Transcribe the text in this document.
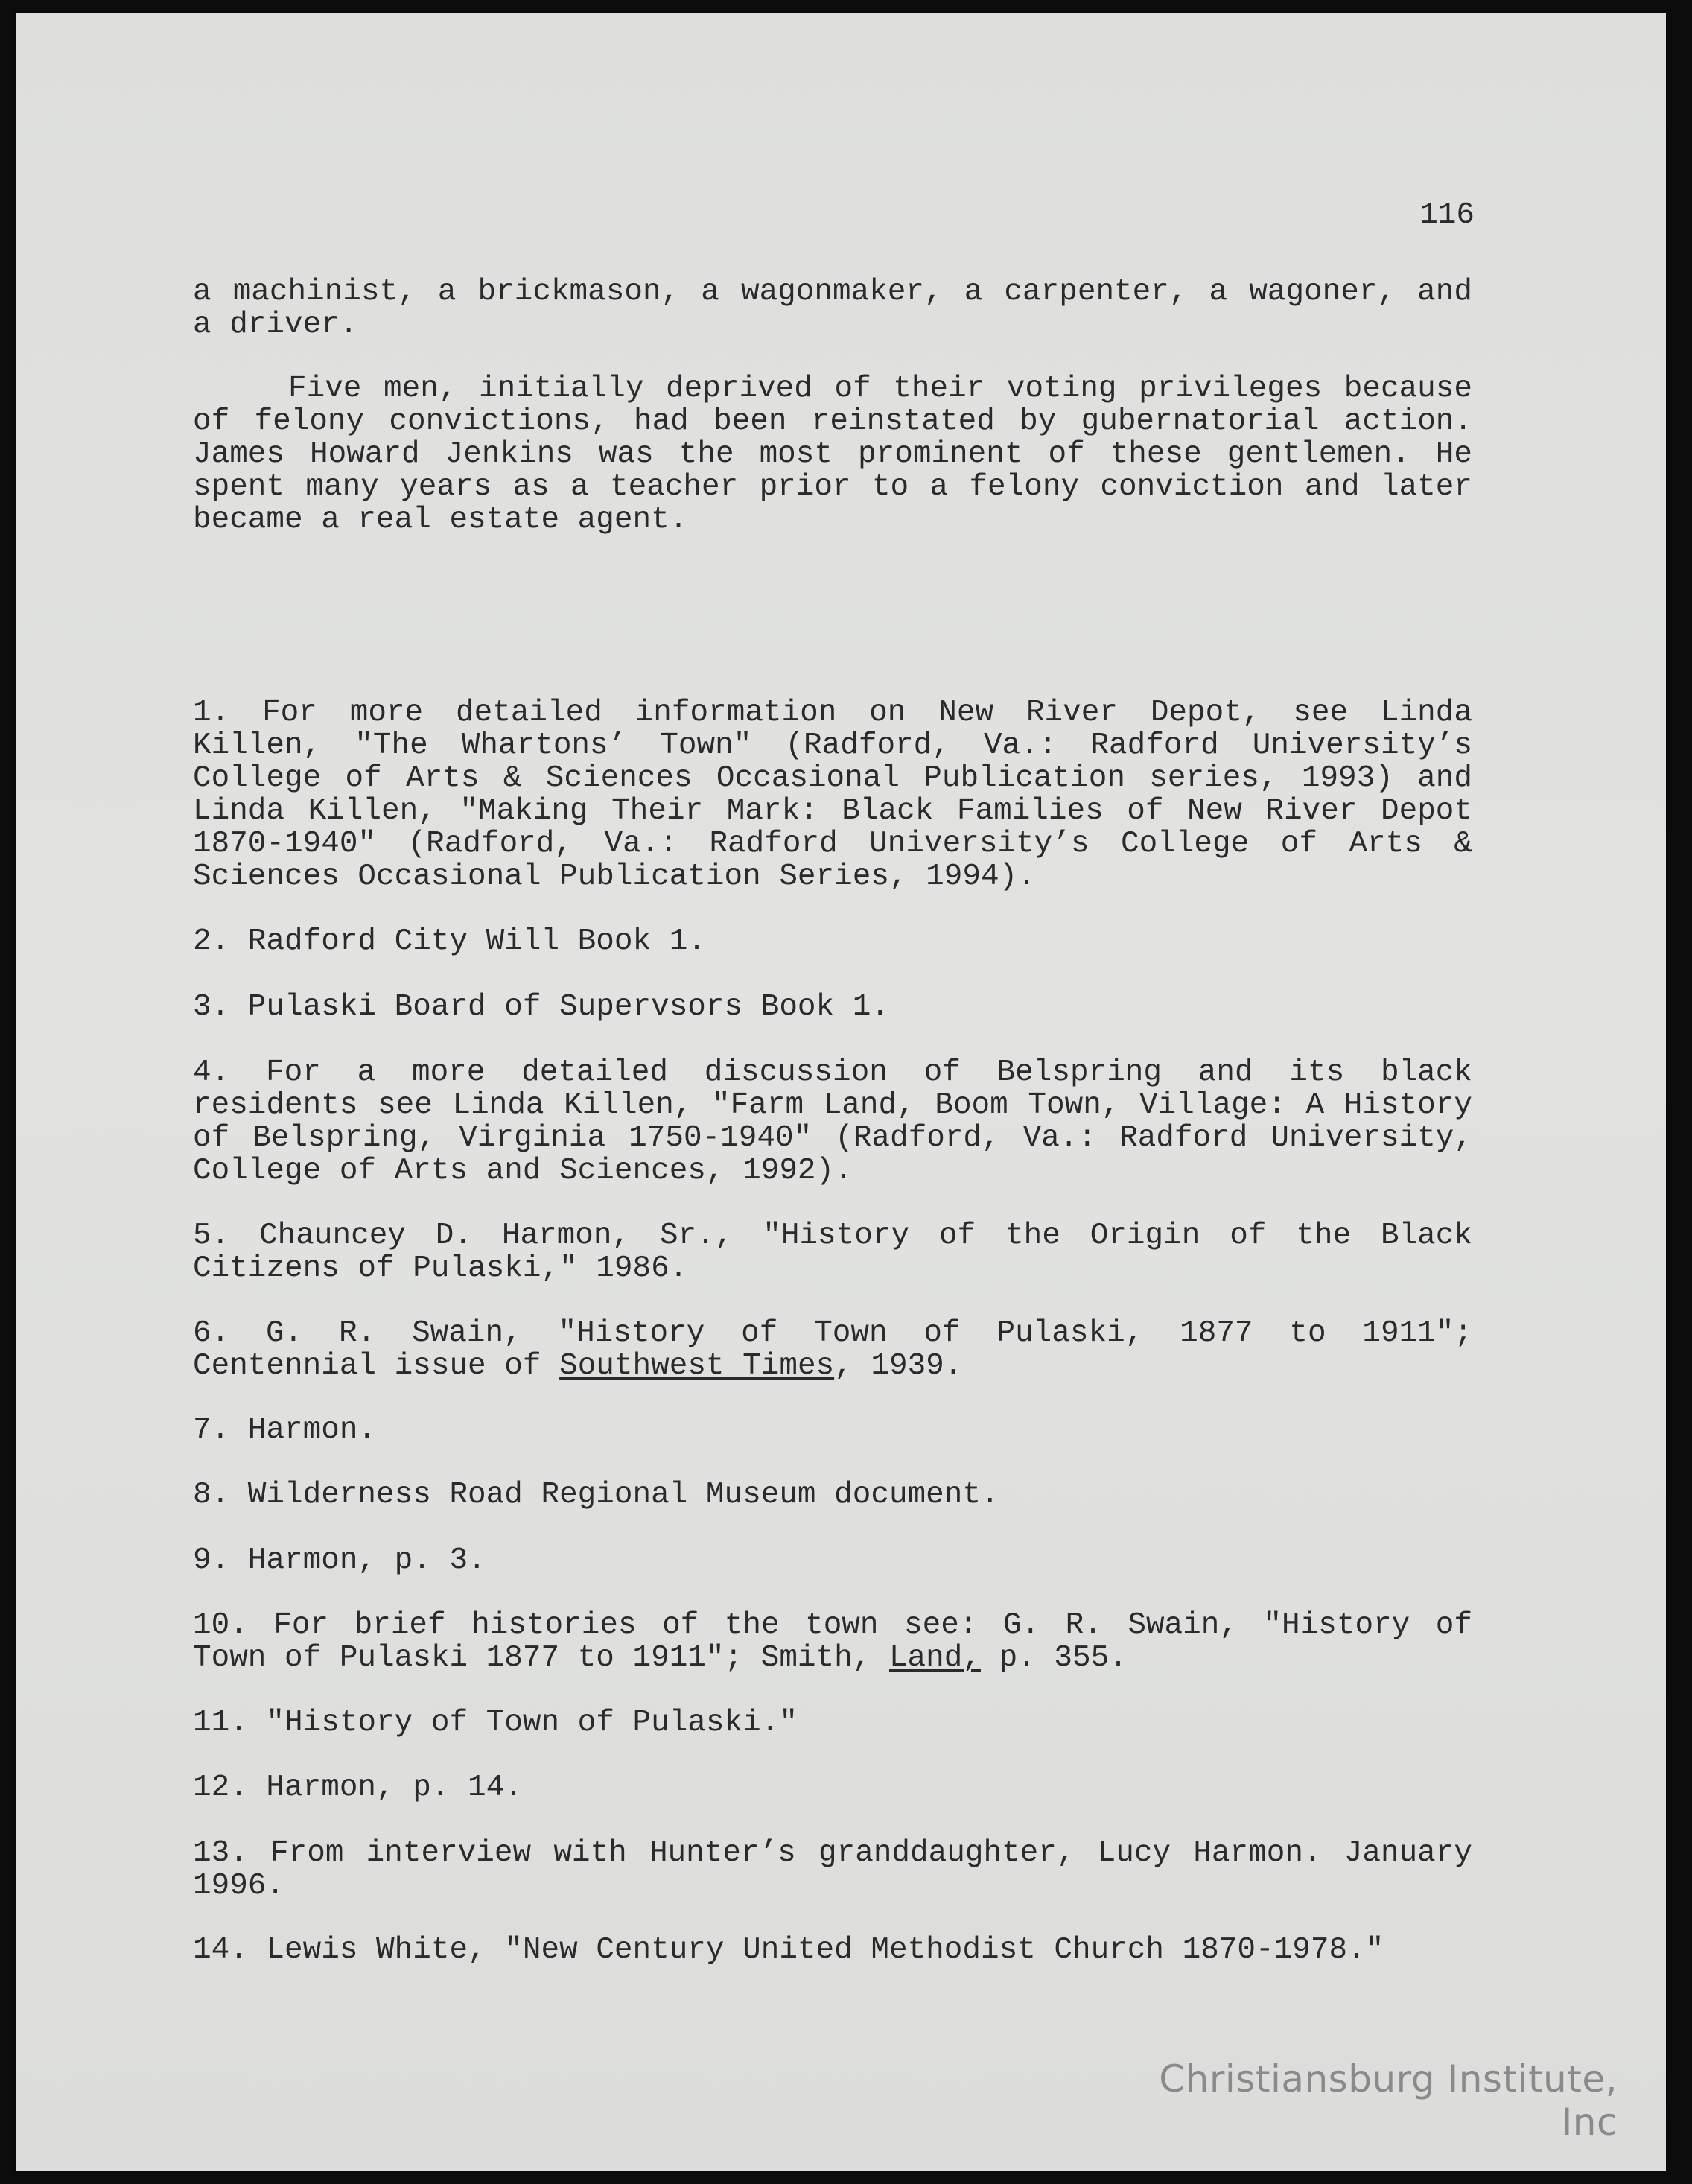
116

a machinist, a brickmason, a wagonmaker, a carpenter, a wagoner, and a driver.

Five men, initially deprived of their voting privileges because of felony convictions, had been reinstated by gubernatorial action. James Howard Jenkins was the most prominent of these gentlemen. He spent many years as a teacher prior to a felony conviction and later became a real estate agent.

1. For more detailed information on New River Depot, see Linda Killen, "The Whartons’ Town" (Radford, Va.: Radford University’s College of Arts & Sciences Occasional Publication series, 1993) and Linda Killen, "Making Their Mark: Black Families of New River Depot 1870-1940" (Radford, Va.: Radford University’s College of Arts & Sciences Occasional Publication Series, 1994).

2. Radford City Will Book 1.

3. Pulaski Board of Supervsors Book 1.

4. For a more detailed discussion of Belspring and its black residents see Linda Killen, "Farm Land, Boom Town, Village: A History of Belspring, Virginia 1750-1940" (Radford, Va.: Radford University, College of Arts and Sciences, 1992).

5. Chauncey D. Harmon, Sr., "History of the Origin of the Black Citizens of Pulaski," 1986.

6. G. R. Swain, "History of Town of Pulaski, 1877 to 1911"; Centennial issue of Southwest Times, 1939.

7. Harmon.

8. Wilderness Road Regional Museum document.

9. Harmon, p. 3.

10. For brief histories of the town see: G. R. Swain, "History of Town of Pulaski 1877 to 1911"; Smith, Land, p. 355.

11. "History of Town of Pulaski."

12. Harmon, p. 14.

13. From interview with Hunter’s granddaughter, Lucy Harmon. January 1996.

14. Lewis White, "New Century United Methodist Church 1870-1978."

Christiansburg Institute, Inc
